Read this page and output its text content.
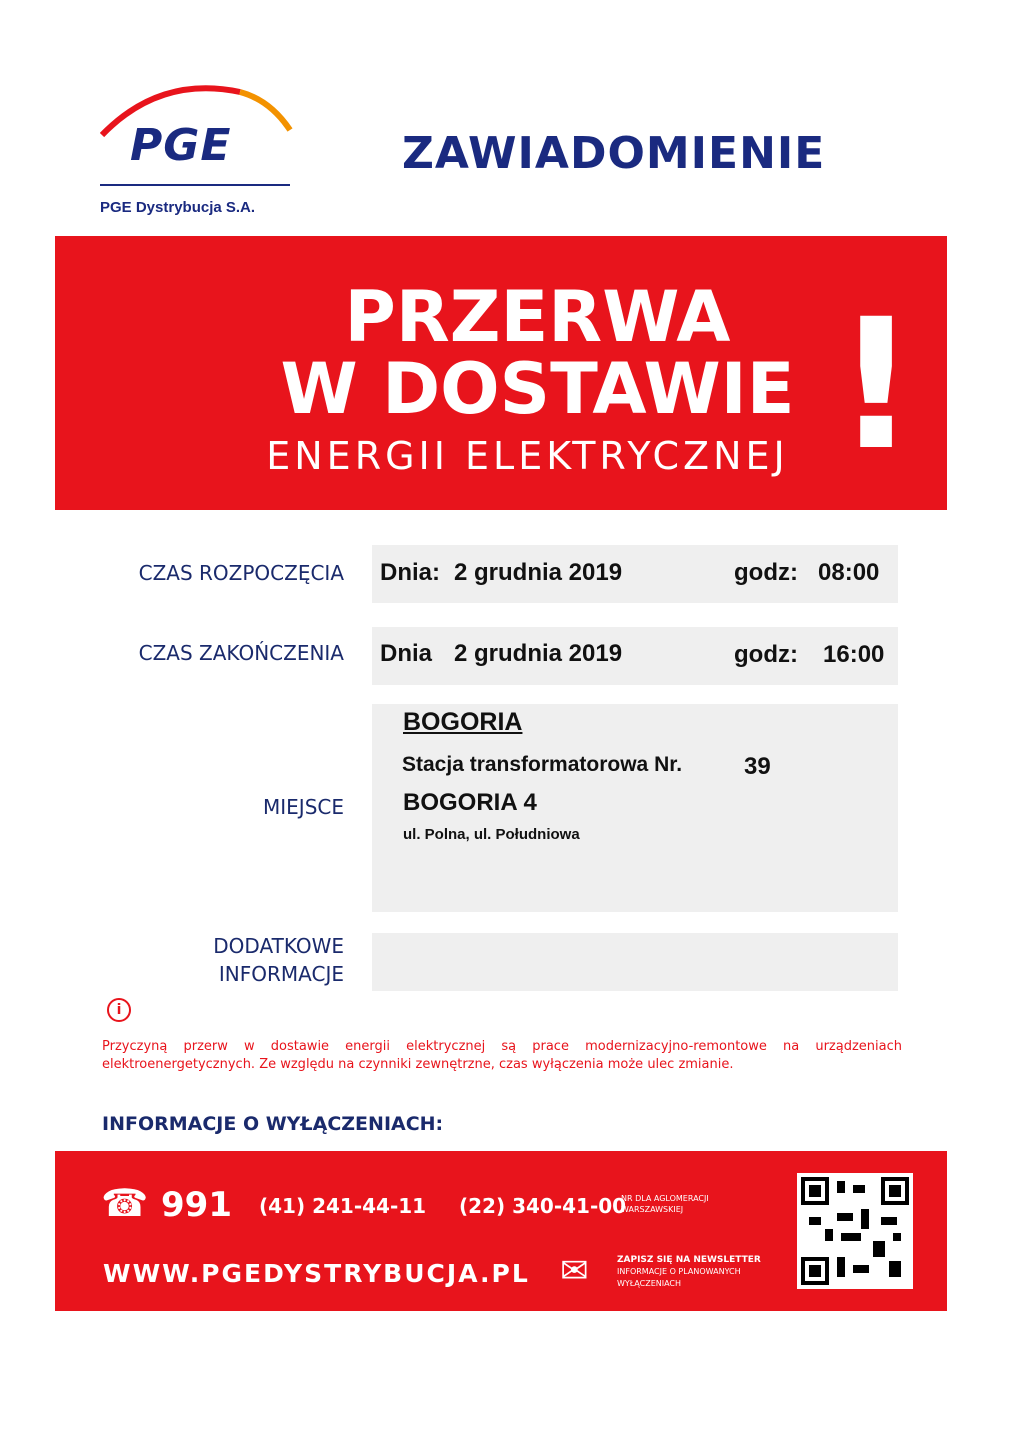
PGE
PGE Dystrybucja S.A.
ZAWIADOMIENIE
PRZERWA
W DOSTAWIE
ENERGII ELEKTRYCZNEJ !
CZAS ROZPOCZĘCIA Dnia: 2 grudnia 2019	godz: 08:00
CZAS ZAKOŃCZENIA Dnia 2 grudnia 2019	godz: 16:00
MIEJSCE
BOGORIA
Stacja transformatorowa Nr.	39
BOGORIA 4
ul. Polna, ul. Południowa
DODATKOWE
INFORMACJE
i
Przyczyną przerw w dostawie energii elektrycznej są prace modernizacyjno-remontowe na urządzeniach elektroenergetycznych. Ze względu na czynniki zewnętrzne, czas wyłączenia może ulec zmianie.
INFORMACJE O WYŁĄCZENIACH:
☎ 991 (41) 241-44-11 (22) 340-41-00
NR DLA AGLOMERACJI
WARSZAWSKIEJ
WWW.PGEDYSTRYBUCJA.PL ✉	ZAPISZ SIĘ NA NEWSLETTER
INFORMACJE O PLANOWANYCH
WYŁĄCZENIACH
